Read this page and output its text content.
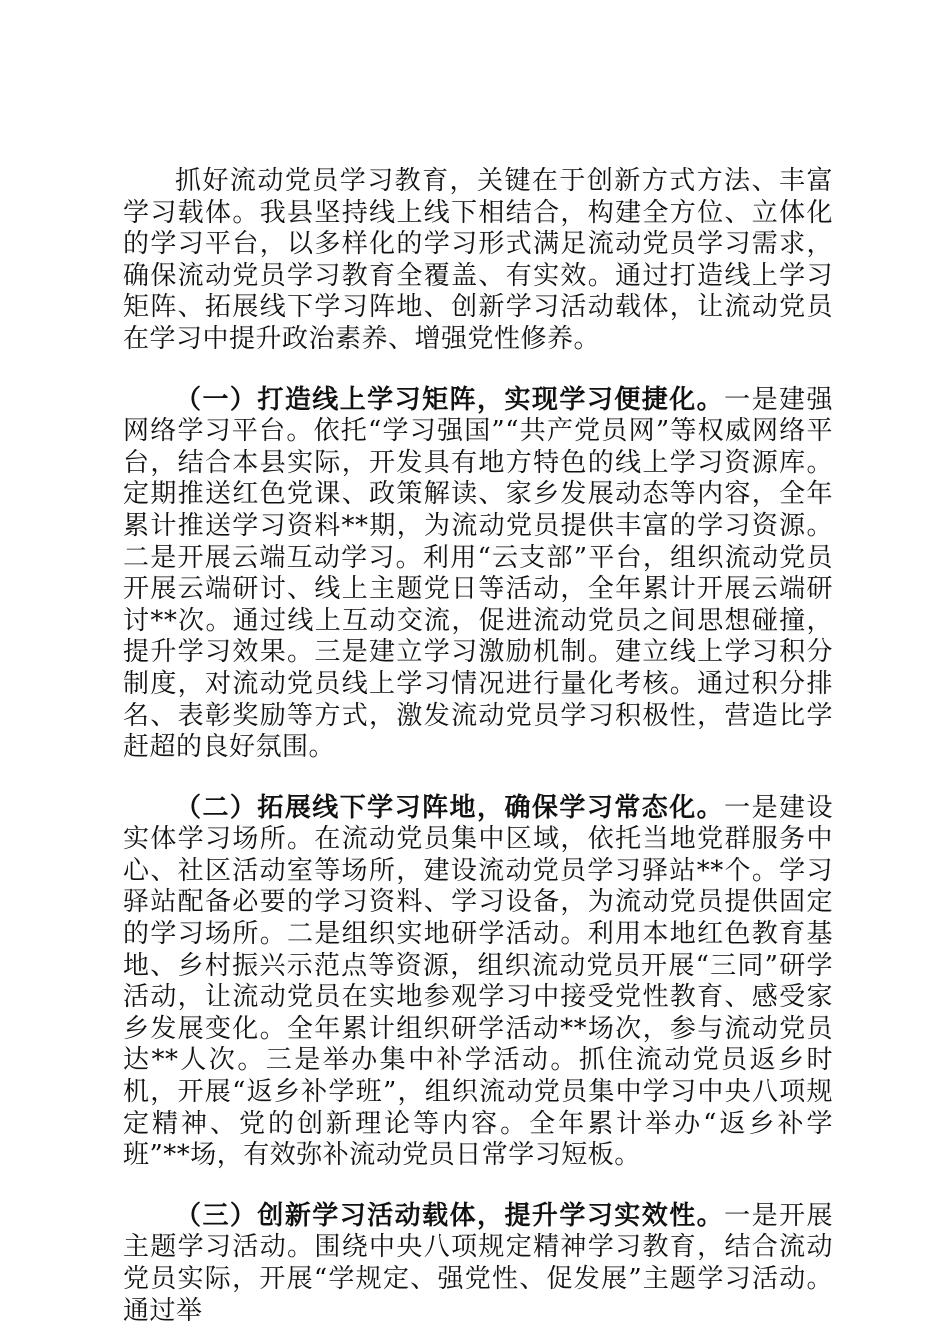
抓好流动党员学习教育，关键在于创新方式方法、丰富学习载体。我县坚持线上线下相结合，构建全方位、立体化的学习平台，以多样化的学习形式满足流动党员学习需求，确保流动党员学习教育全覆盖、有实效。通过打造线上学习矩阵、拓展线下学习阵地、创新学习活动载体，让流动党员在学习中提升政治素养、增强党性修养。

（一）打造线上学习矩阵，实现学习便捷化。一是建强网络学习平台。依托“学习强国”“共产党员网”等权威网络平台，结合本县实际，开发具有地方特色的线上学习资源库。定期推送红色党课、政策解读、家乡发展动态等内容，全年累计推送学习资料**期，为流动党员提供丰富的学习资源。二是开展云端互动学习。利用“云支部”平台，组织流动党员开展云端研讨、线上主题党日等活动，全年累计开展云端研讨**次。通过线上互动交流，促进流动党员之间思想碰撞，提升学习效果。三是建立学习激励机制。建立线上学习积分制度，对流动党员线上学习情况进行量化考核。通过积分排名、表彰奖励等方式，激发流动党员学习积极性，营造比学赶超的良好氛围。

（二）拓展线下学习阵地，确保学习常态化。一是建设实体学习场所。在流动党员集中区域，依托当地党群服务中心、社区活动室等场所，建设流动党员学习驿站**个。学习驿站配备必要的学习资料、学习设备，为流动党员提供固定的学习场所。二是组织实地研学活动。利用本地红色教育基地、乡村振兴示范点等资源，组织流动党员开展“三同”研学活动，让流动党员在实地参观学习中接受党性教育、感受家乡发展变化。全年累计组织研学活动**场次，参与流动党员达**人次。三是举办集中补学活动。抓住流动党员返乡时机，开展“返乡补学班”，组织流动党员集中学习中央八项规定精神、党的创新理论等内容。全年累计举办“返乡补学班”**场，有效弥补流动党员日常学习短板。

（三）创新学习活动载体，提升学习实效性。一是开展主题学习活动。围绕中央八项规定精神学习教育，结合流动党员实际，开展“学规定、强党性、促发展”主题学习活动。通过举
